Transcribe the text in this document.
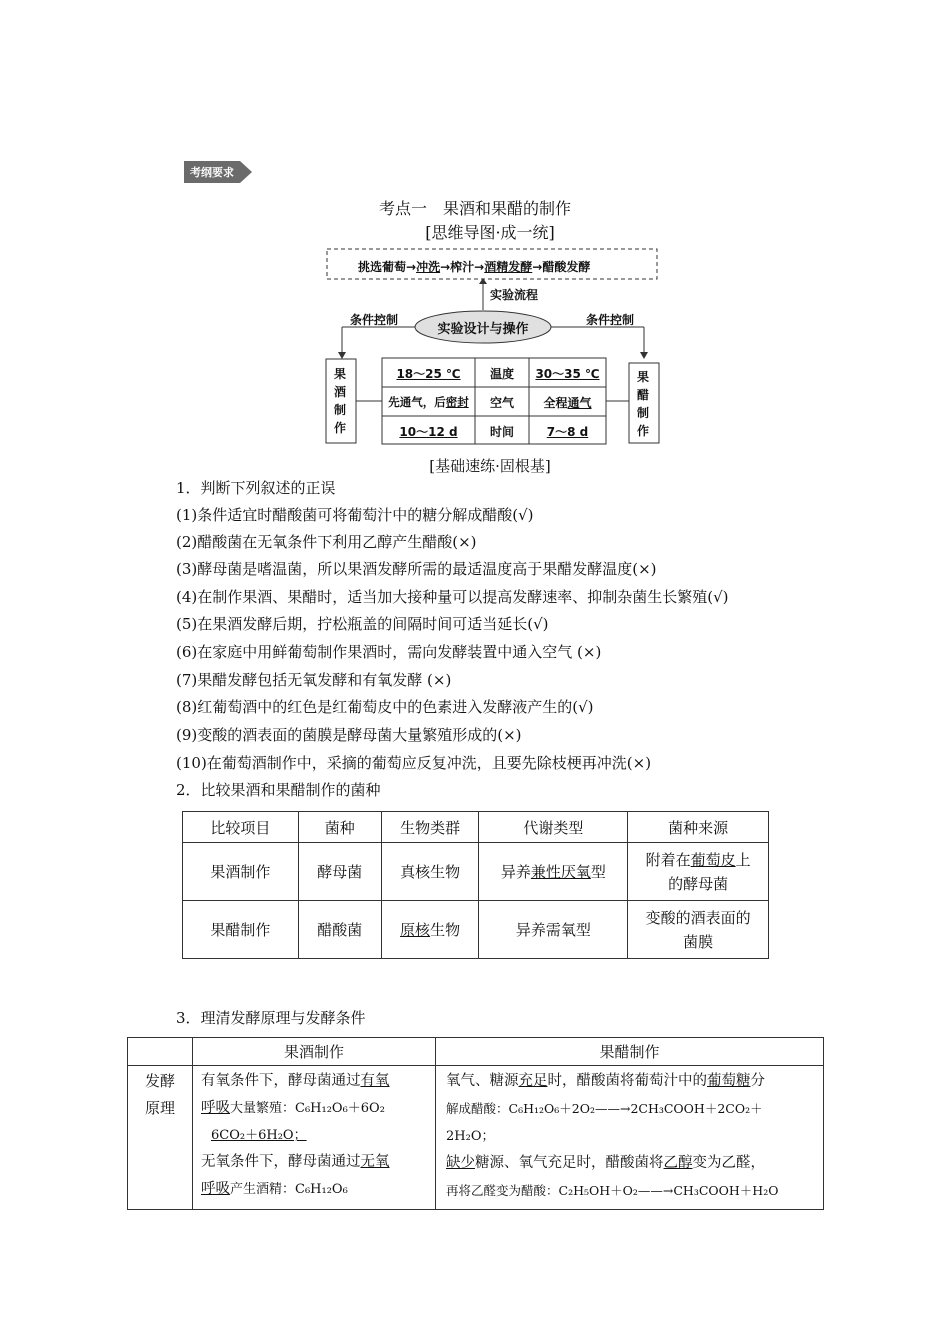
考纲要求
考点一　果酒和果醋的制作
[思维导图·成一统]
挑选葡萄→冲洗→榨汁→酒精发酵→醋酸发酵
实验流程
实验设计与操作
条件控制	条件控制
果酒制作
果醋制作
18～25 ℃	温度	30～35 ℃
先通气，后密封	空气	全程通气
10～12 d	时间	7～8 d
[基础速练·固根基]
1．判断下列叙述的正误
(1)条件适宜时醋酸菌可将葡萄汁中的糖分解成醋酸(√)
(2)醋酸菌在无氧条件下利用乙醇产生醋酸(×)
(3)酵母菌是嗜温菌，所以果酒发酵所需的最适温度高于果醋发酵温度(×)
(4)在制作果酒、果醋时，适当加大接种量可以提高发酵速率、抑制杂菌生长繁殖(√)
(5)在果酒发酵后期，拧松瓶盖的间隔时间可适当延长(√)
(6)在家庭中用鲜葡萄制作果酒时，需向发酵装置中通入空气 (×)
(7)果醋发酵包括无氧发酵和有氧发酵 (×)
(8)红葡萄酒中的红色是红葡萄皮中的色素进入发酵液产生的(√)
(9)变酸的酒表面的菌膜是酵母菌大量繁殖形成的(×)
(10)在葡萄酒制作中，采摘的葡萄应反复冲洗，且要先除枝梗再冲洗(×)
2．比较果酒和果醋制作的菌种
比较项目	菌种	生物类群	代谢类型	菌种来源
果酒制作	酵母菌	真核生物	异养兼性厌氧型	附着在葡萄皮上
的酵母菌
果醋制作	醋酸菌	原核生物	异养需氧型	变酸的酒表面的
菌膜
3．理清发酵原理与发酵条件
	果酒制作	果醋制作
发酵
原理	有氧条件下，酵母菌通过有氧
呼吸大量繁殖：C₆H₁₂O₆＋6O₂
6CO₂＋6H₂O；
无氧条件下，酵母菌通过无氧
呼吸产生酒精：C₆H₁₂O₆	氧气、糖源充足时，醋酸菌将葡萄汁中的葡萄糖分
解成醋酸：C₆H₁₂O₆＋2O₂——→2CH₃COOH＋2CO₂＋
2H₂O；
缺少糖源、氧气充足时，醋酸菌将乙醇变为乙醛，
再将乙醛变为醋酸：C₂H₅OH＋O₂——→CH₃COOH＋H₂O
